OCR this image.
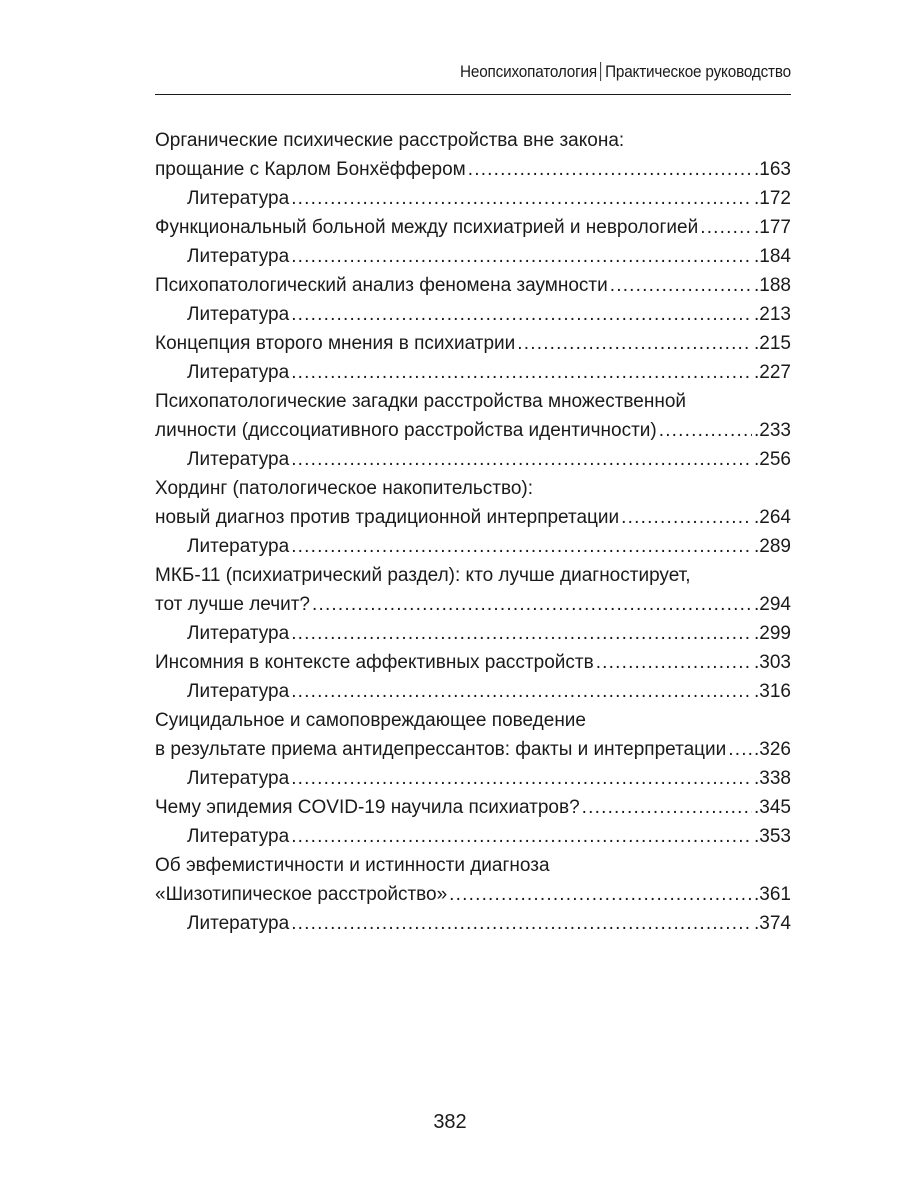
Неопсихопатология Практическое руководство
Органические психические расстройства вне закона:
прощание с Карлом Бонхёффером .....	.163
Литература .....	.172
Функциональный больной между психиатрией и неврологией .....	.177
Литература .....	.184
Психопатологический анализ феномена заумности .....	.188
Литература .....	.213
Концепция второго мнения в психиатрии .....	.215
Литература .....	.227
Психопатологические загадки расстройства множественной
личности (диссоциативного расстройства идентичности) .....	.233
Литература .....	.256
Хординг (патологическое накопительство):
новый диагноз против традиционной интерпретации .....	.264
Литература .....	.289
МКБ-11 (психиатрический раздел): кто лучше диагностирует,
тот лучше лечит? .....	.294
Литература .....	.299
Инсомния в контексте аффективных расстройств .....	.303
Литература .....	.316
Суицидальное и самоповреждающее поведение
в результате приема антидепрессантов: факты и интерпретации ..... .326
Литература .....	.338
Чему эпидемия COVID-19 научила психиатров? .....	.345
Литература .....	.353
Об эвфемистичности и истинности диагноза
«Шизотипическое расстройство» .....	.361
Литература .....	.374
382
